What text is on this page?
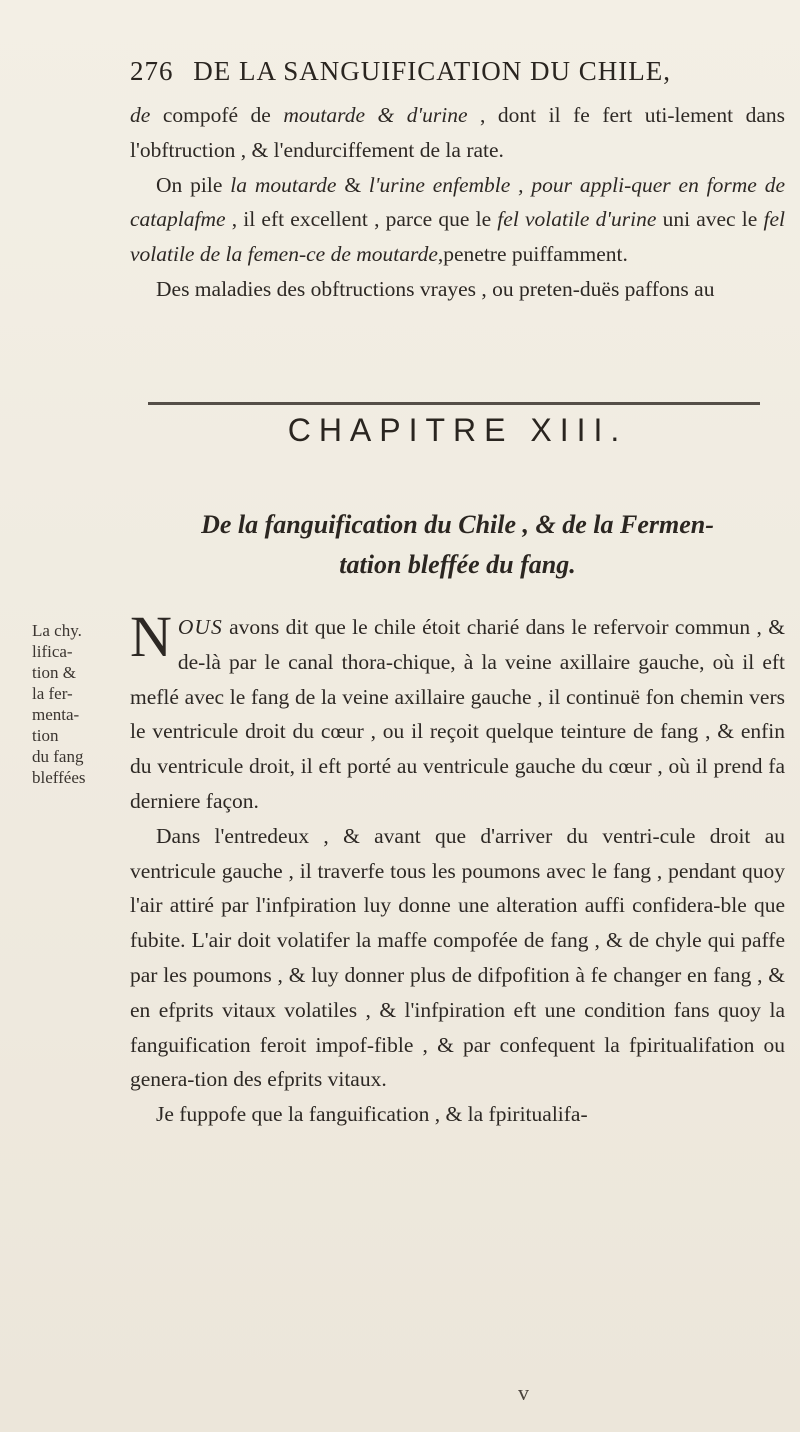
276 DE LA SANGUIFICATION DU CHILE,

de compofé de moutarde & d'urine , dont il fe fert uti-lement dans l'obftruction , & l'endurciffement de la rate.

On pile la moutarde & l'urine enfemble , pour appli-quer en forme de cataplafme , il eft excellent , parce que le fel volatile d'urine uni avec le fel volatile de la femen-ce de moutarde,penetre puiffamment.

Des maladies des obftructions vrayes , ou preten-duës paffons au

CHAPITRE XIII.
De la fanguification du Chile , & de la Fermen-
tation bleffée du fang.
La chy.
lifica-
tion &
la fer-
menta-
tion
du fang
bleffées

NOUS avons dit que le chile étoit charié dans le refervoir commun , & de-là par le canal thora-chique, à la veine axillaire gauche, où il eft meflé avec le fang de la veine axillaire gauche , il continuë fon chemin vers le ventricule droit du cœur , ou il reçoit quelque teinture de fang , & enfin du ventricule droit, il eft porté au ventricule gauche du cœur , où il prend fa derniere façon.

Dans l'entredeux , & avant que d'arriver du ventri-cule droit au ventricule gauche , il traverfe tous les poumons avec le fang , pendant quoy l'air attiré par l'infpiration luy donne une alteration auffi confidera-ble que fubite. L'air doit volatifer la maffe compofée de fang , & de chyle qui paffe par les poumons , & luy donner plus de difpofition à fe changer en fang , & en efprits vitaux volatiles , & l'infpiration eft une condition fans quoy la fanguification feroit impof-fible , & par confequent la fpiritualifation ou genera-tion des efprits vitaux.

Je fuppofe que la fanguification , & la fpiritualifa-

v
